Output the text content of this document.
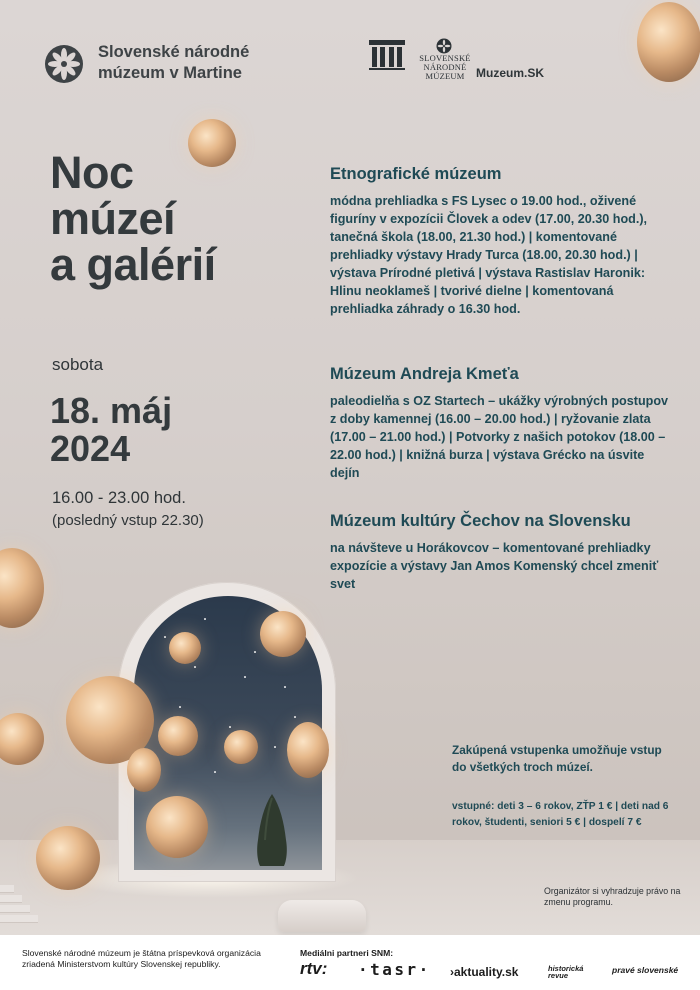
Slovenské národné
múzeum v Martine
SLOVENSKÉ
NÁRODNÉ
MÚZEUM Muzeum.SK
Noc
múzeí
a galérií
sobota
18. máj
2024
16.00 - 23.00 hod.
(posledný vstup 22.30)
Etnografické múzeum

módna prehliadka s FS Lysec o 19.00 hod., oživené figuríny v expozícii Človek a odev (17.00, 20.30 hod.), tanečná škola (18.00, 21.30 hod.) | komentované prehliadky výstavy Hrady Turca (18.00, 20.30 hod.) | výstava Prírodné pletivá | výstava Rastislav Haronik: Hlinu neoklameš | tvorivé dielne | komentovaná prehliadka záhrady o 16.30 hod.

Múzeum Andreja Kmeťa

paleodielňa s OZ Startech – ukážky výrobných postupov z doby kamennej (16.00 – 20.00 hod.) | ryžovanie zlata (17.00 – 21.00 hod.) | Potvorky z našich potokov (18.00 – 22.00 hod.) | knižná burza | výstava Grécko na úsvite dejín

Múzeum kultúry Čechov na Slovensku

na návšteve u Horákovcov – komentované prehliadky expozície a výstavy Jan Amos Komenský chcel zmeniť svet

Zakúpená vstupenka umožňuje vstup do všetkých troch múzeí.
vstupné: deti 3 – 6 rokov, ZŤP 1 € | deti nad 6 rokov, študenti, seniori 5 € | dospelí 7 €
Organizátor si vyhradzuje právo na zmenu programu.
Slovenské národné múzeum je štátna príspevková organizácia zriadená Ministerstvom kultúry Slovenskej republiky.
Mediálni partneri SNM:
rtv: ·tasr· ›aktuality.sk	historická revue
pravé slovenské
